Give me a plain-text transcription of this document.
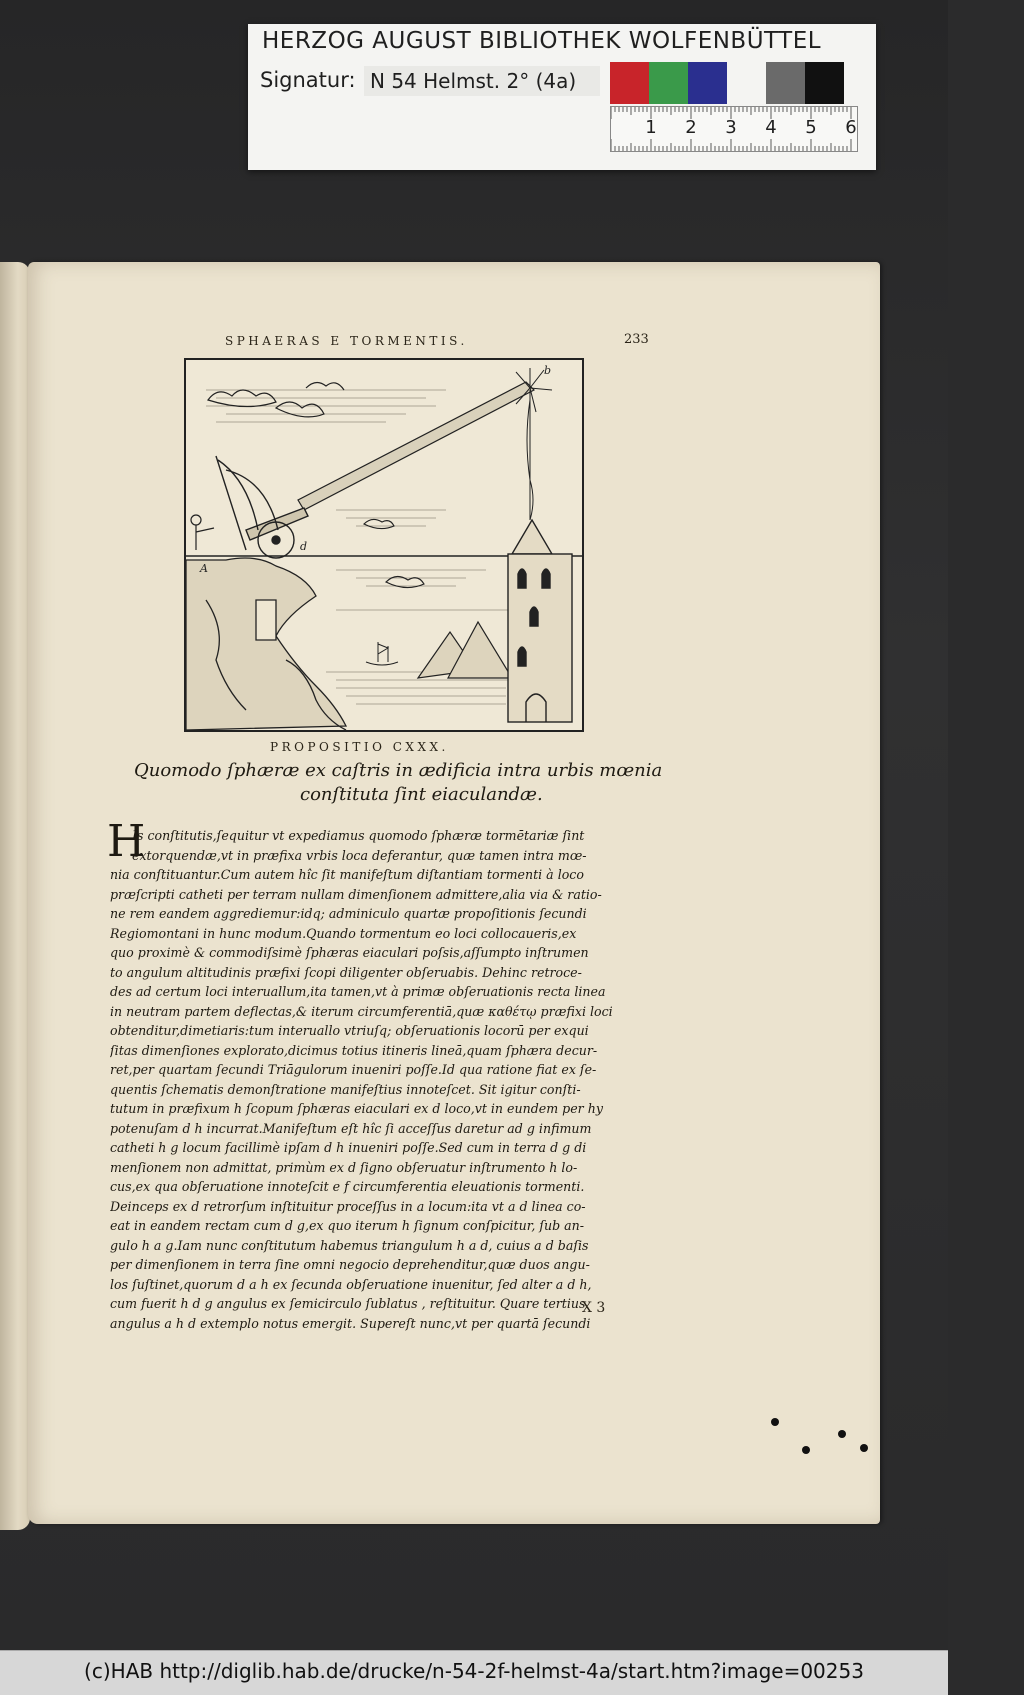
HERZOG AUGUST BIBLIOTHEK WOLFENBÜTTEL
Signatur: N 54 Helmst. 2° (4a)
1 2 3 4 5 6
SPHAERAS E TORMENTIS.	233
b
d
A
PROPOSITIO CXXX.
Quomodo ſphæræ ex caſtris in ædificia intra urbis mœnia
conſtituta ſint eiaculandæ.
H
Is conſtitutis,ſequitur vt expediamus quomodo ſphæræ tormētariæ ſint
extorquendæ,vt in præfixa vrbis loca deferantur, quæ tamen intra mœ-
nia conſtituantur.Cum autem hîc ſit manifeſtum diſtantiam tormenti à loco
præſcripti catheti per terram nullam dimenſionem admittere,alia via & ratio-
ne rem eandem aggrediemur:idq; adminiculo quartæ propoſitionis ſecundi
Regiomontani in hunc modum.Quando tormentum eo loci collocaueris,ex
quo proximè & commodiſsimè ſphæras eiaculari poſsis,aſſumpto inſtrumen
to angulum altitudinis præfixi ſcopi diligenter obſeruabis. Dehinc retroce-
des ad certum loci interuallum,ita tamen,vt à primæ obſeruationis recta linea
in neutram partem deflectas,& iterum circumferentiā,quæ καθέτῳ præfixi loci
obtenditur,dimetiaris:tum interuallo vtriuſq; obſeruationis locorū per exqui
ſitas dimenſiones explorato,dicimus totius itineris lineā,quam ſphæra decur-
ret,per quartam ſecundi Triāgulorum inueniri poſſe.Id qua ratione fiat ex ſe-
quentis ſchematis demonſtratione manifeſtius innoteſcet. Sit igitur conſti-
tutum in præfixum h ſcopum ſphæras eiaculari ex d loco,vt in eundem per hy
potenuſam d h incurrat.Manifeſtum eſt hîc ſi acceſſus daretur ad g infimum
catheti h g locum facillimè ipſam d h inueniri poſſe.Sed cum in terra d g di
menſionem non admittat, primùm ex d ſigno obſeruatur inſtrumento h lo-
cus,ex qua obſeruatione innoteſcit e f circumferentia eleuationis tormenti.
Deinceps ex d retrorſum inſtituitur proceſſus in a locum:ita vt a d linea co-
eat in eandem rectam cum d g,ex quo iterum h ſignum conſpicitur, ſub an-
gulo h a g.Iam nunc conſtitutum habemus triangulum h a d, cuius a d baſis
per dimenſionem in terra ſine omni negocio deprehenditur,quæ duos angu-
los ſuſtinet,quorum d a h ex ſecunda obſeruatione inuenitur, ſed alter a d h,
cum fuerit h d g angulus ex ſemicirculo ſublatus , reſtituitur. Quare tertius
angulus a h d extemplo notus emergit. Supereſt nunc,vt per quartā ſecundi
X 3
(c)HAB http://diglib.hab.de/drucke/n-54-2f-helmst-4a/start.htm?image=00253
